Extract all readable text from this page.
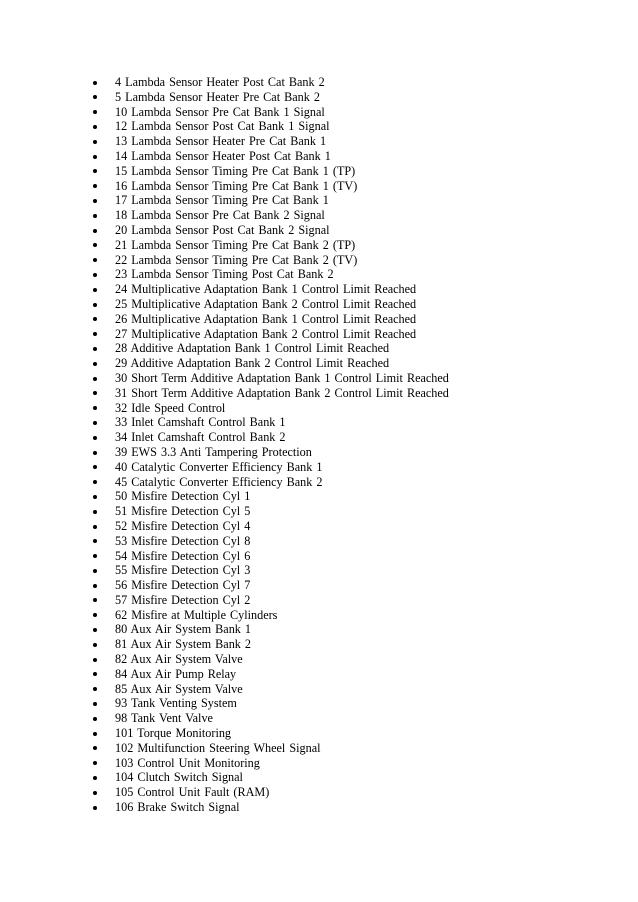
4 Lambda Sensor Heater Post Cat Bank 2
5 Lambda Sensor Heater Pre Cat Bank 2
10 Lambda Sensor Pre Cat Bank 1 Signal
12 Lambda Sensor Post Cat Bank 1 Signal
13 Lambda Sensor Heater Pre Cat Bank 1
14 Lambda Sensor Heater Post Cat Bank 1
15 Lambda Sensor Timing Pre Cat Bank 1 (TP)
16 Lambda Sensor Timing Pre Cat Bank 1 (TV)
17 Lambda Sensor Timing Pre Cat Bank 1
18 Lambda Sensor Pre Cat Bank 2 Signal
20 Lambda Sensor Post Cat Bank 2 Signal
21 Lambda Sensor Timing Pre Cat Bank 2 (TP)
22 Lambda Sensor Timing Pre Cat Bank 2 (TV)
23 Lambda Sensor Timing Post Cat Bank 2
24 Multiplicative Adaptation Bank 1 Control Limit Reached
25 Multiplicative Adaptation Bank 2 Control Limit Reached
26 Multiplicative Adaptation Bank 1 Control Limit Reached
27 Multiplicative Adaptation Bank 2 Control Limit Reached
28 Additive Adaptation Bank 1 Control Limit Reached
29 Additive Adaptation Bank 2 Control Limit Reached
30 Short Term Additive Adaptation Bank 1 Control Limit Reached
31 Short Term Additive Adaptation Bank 2 Control Limit Reached
32 Idle Speed Control
33 Inlet Camshaft Control Bank 1
34 Inlet Camshaft Control Bank 2
39 EWS 3.3 Anti Tampering Protection
40 Catalytic Converter Efficiency Bank 1
45 Catalytic Converter Efficiency Bank 2
50 Misfire Detection Cyl 1
51 Misfire Detection Cyl 5
52 Misfire Detection Cyl 4
53 Misfire Detection Cyl 8
54 Misfire Detection Cyl 6
55 Misfire Detection Cyl 3
56 Misfire Detection Cyl 7
57 Misfire Detection Cyl 2
62 Misfire at Multiple Cylinders
80 Aux Air System Bank 1
81 Aux Air System Bank 2
82 Aux Air System Valve
84 Aux Air Pump Relay
85 Aux Air System Valve
93 Tank Venting System
98 Tank Vent Valve
101 Torque Monitoring
102 Multifunction Steering Wheel Signal
103 Control Unit Monitoring
104 Clutch Switch Signal
105 Control Unit Fault (RAM)
106 Brake Switch Signal
